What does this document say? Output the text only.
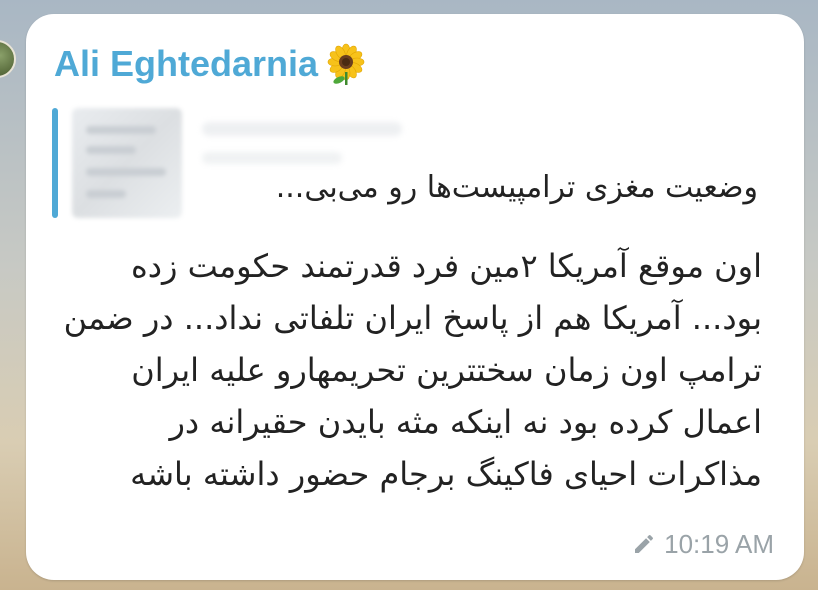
Ali Eghtedarnia
وضعیت مغزی ترامپیست‌ها رو می‌بی...
اون موقع آمریکا ۲مین فرد قدرتمند حکومت زده
بود... آمریکا هم از پاسخ ایران تلفاتی نداد... در ضمن
ترامپ اون زمان سختترین تحریمهارو علیه ایران
اعمال کرده بود نه اینکه مثه بایدن حقیرانه در
مذاکرات احیای فاکینگ برجام حضور داشته باشه
10:19 AM
